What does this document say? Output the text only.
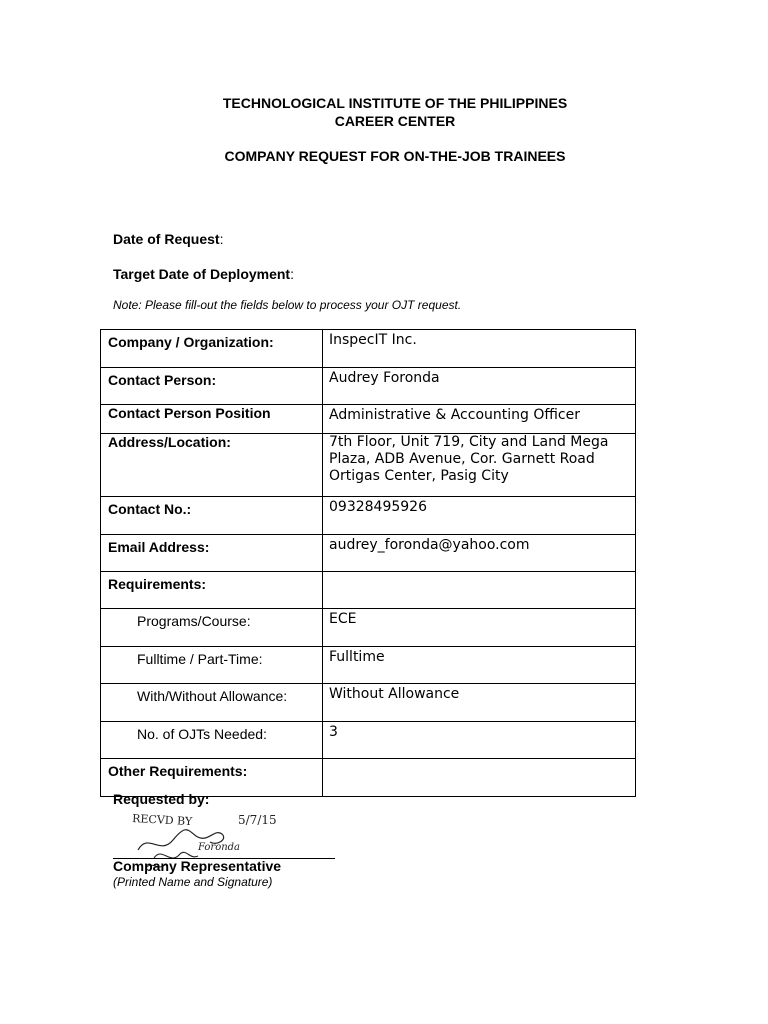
TECHNOLOGICAL INSTITUTE OF THE PHILIPPINES
CAREER CENTER
COMPANY REQUEST FOR ON-THE-JOB TRAINEES
Date of Request:
Target Date of Deployment:
Note: Please fill-out the fields below to process your OJT request.
Company / Organization:	InspecIT Inc.
Contact Person:	Audrey Foronda
Contact Person Position	Administrative & Accounting Officer
Address/Location:	7th Floor, Unit 719, City and Land Mega
Plaza, ADB Avenue, Cor. Garnett Road
Ortigas Center, Pasig City

Contact No.:	09328495926
Email Address:	audrey_foronda@yahoo.com
Requirements:	
Programs/Course:	ECE
Fulltime / Part-Time:	Fulltime
With/Without Allowance:	Without Allowance
No. of OJTs Needed:	3
Other Requirements:	
Requested by:
RECVD BY	5/7/15
Foronda
Company Representative
(Printed Name and Signature)
